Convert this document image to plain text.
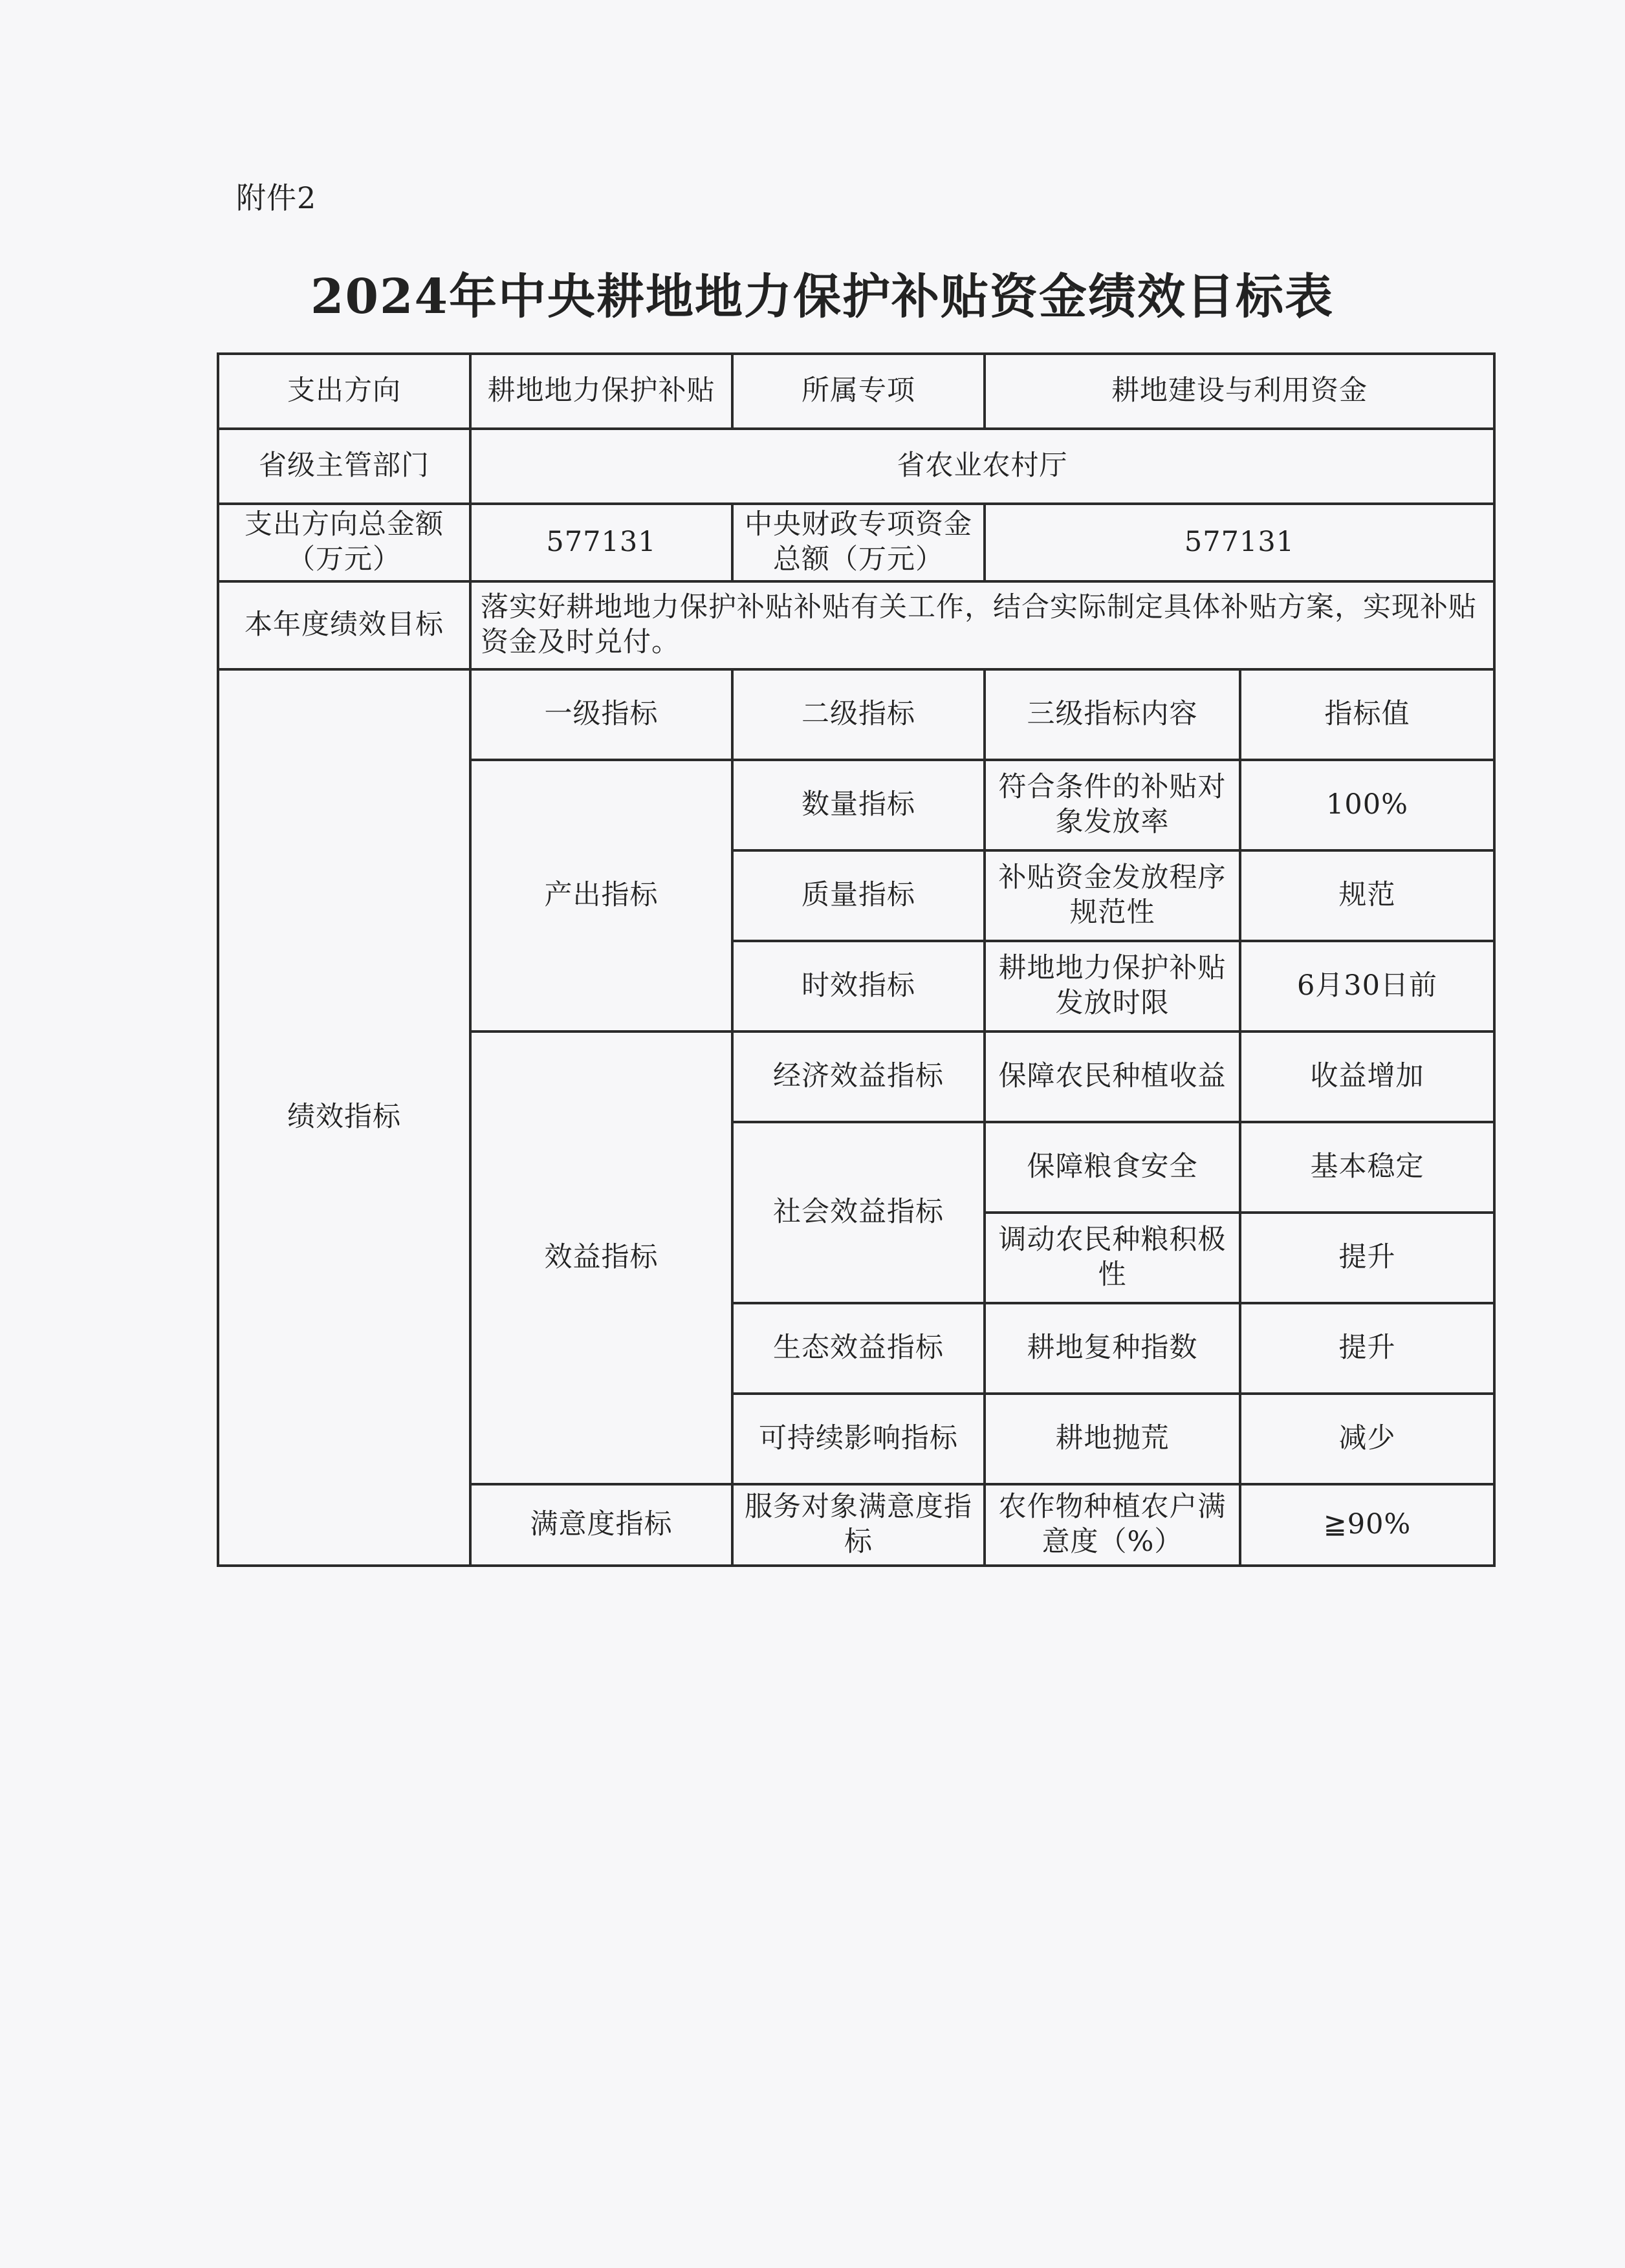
附件2
2024年中央耕地地力保护补贴资金绩效目标表
支出方向	耕地地力保护补贴	所属专项	耕地建设与利用资金	
省级主管部门	省农业农村厅			
支出方向总金额（万元）	577131	中央财政专项资金总额（万元）	577131	
本年度绩效目标	落实好耕地地力保护补贴补贴有关工作，结合实际制定具体补贴方案，实现补贴资金及时兑付。			
绩效指标	一级指标	二级指标	三级指标内容	指标值
	产出指标	数量指标	符合条件的补贴对象发放率	100%
		质量指标	补贴资金发放程序规范性	规范
		时效指标	耕地地力保护补贴发放时限	6月30日前
	效益指标	经济效益指标	保障农民种植收益	收益增加
		社会效益指标	保障粮食安全	基本稳定
			调动农民种粮积极性	提升
		生态效益指标	耕地复种指数	提升
		可持续影响指标	耕地抛荒	减少
	满意度指标	服务对象满意度指标	农作物种植农户满意度（%）	≧90%
